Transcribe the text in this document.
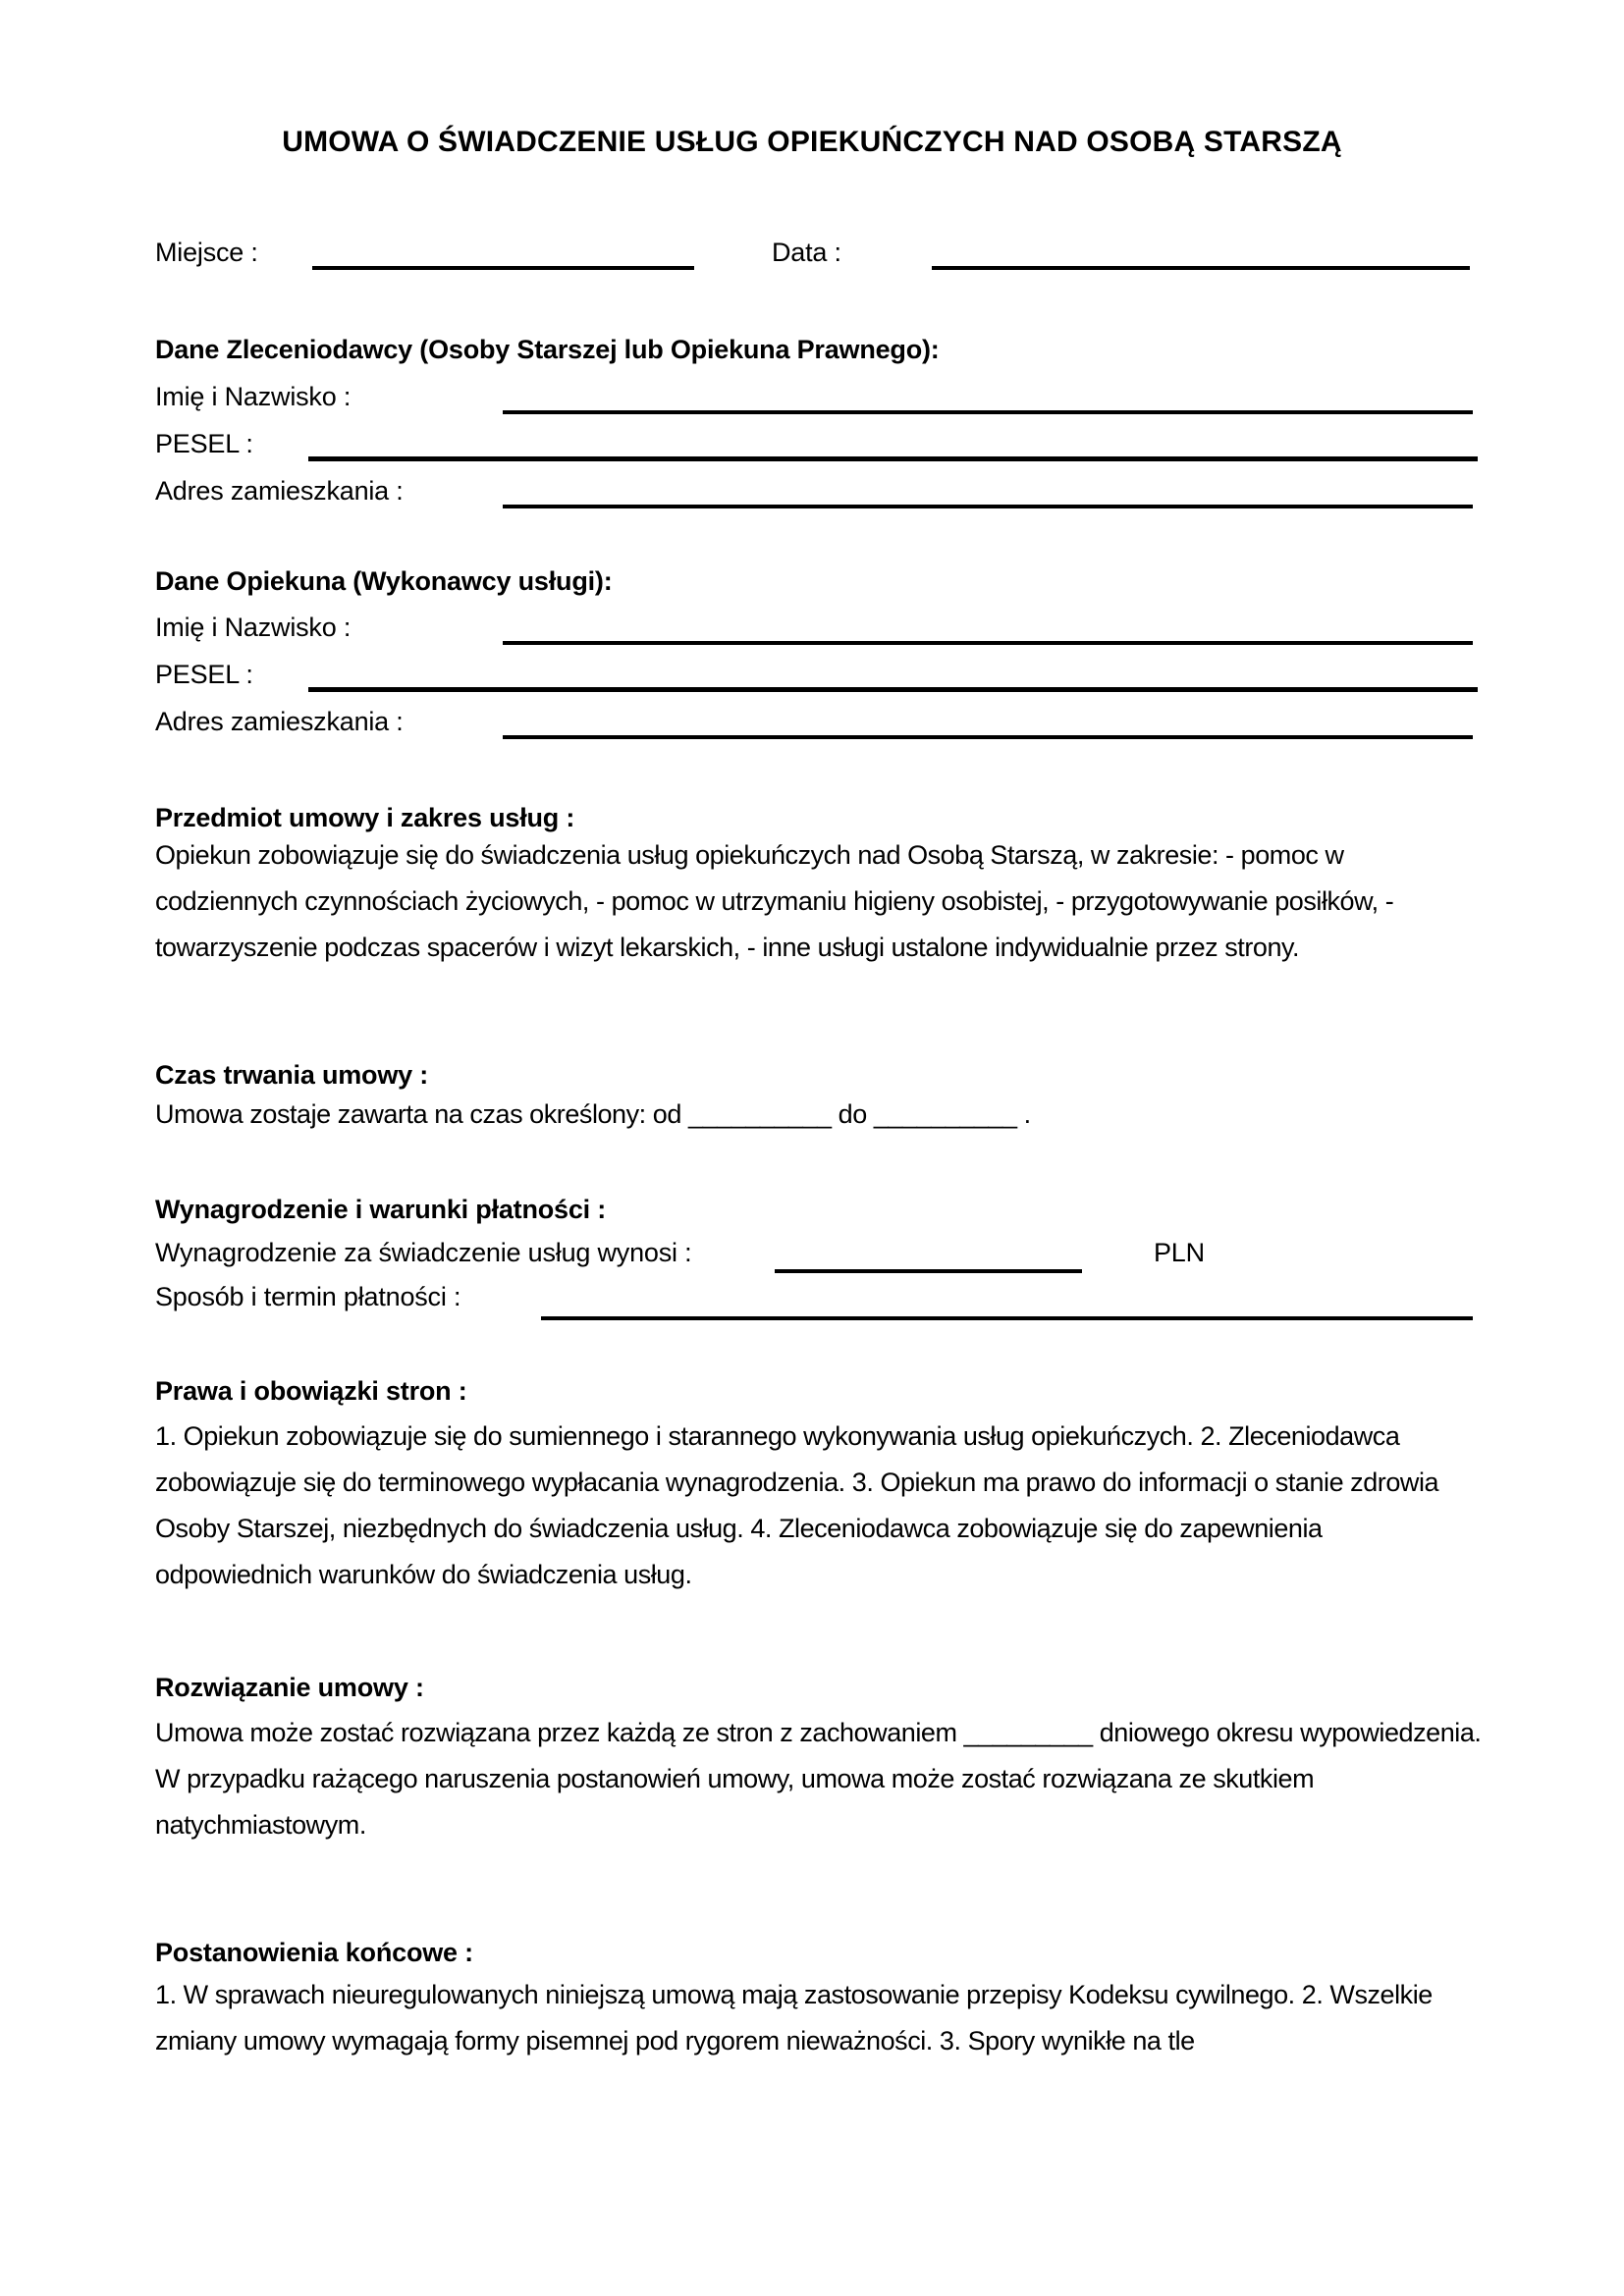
UMOWA O ŚWIADCZENIE USŁUG OPIEKUŃCZYCH NAD OSOBĄ STARSZĄ
Miejsce :	Data :
Dane Zleceniodawcy (Osoby Starszej lub Opiekuna Prawnego):
Imię i Nazwisko :
PESEL :
Adres zamieszkania :
Dane Opiekuna (Wykonawcy usługi):
Imię i Nazwisko :
PESEL :
Adres zamieszkania :
Przedmiot umowy i zakres usług :
Opiekun zobowiązuje się do świadczenia usług opiekuńczych nad Osobą Starszą, w zakresie: - pomoc w codziennych czynnościach życiowych, - pomoc w utrzymaniu higieny osobistej, - przygotowywanie posiłków, - towarzyszenie podczas spacerów i wizyt lekarskich, - inne usługi ustalone indywidualnie przez strony.
Czas trwania umowy :
Umowa zostaje zawarta na czas określony: od __________ do __________ .
Wynagrodzenie i warunki płatności :
Wynagrodzenie za świadczenie usług wynosi :	PLN
Sposób i termin płatności :
Prawa i obowiązki stron :
1. Opiekun zobowiązuje się do sumiennego i starannego wykonywania usług opiekuńczych. 2. Zleceniodawca zobowiązuje się do terminowego wypłacania wynagrodzenia. 3. Opiekun ma prawo do informacji o stanie zdrowia Osoby Starszej, niezbędnych do świadczenia usług. 4. Zleceniodawca zobowiązuje się do zapewnienia odpowiednich warunków do świadczenia usług.
Rozwiązanie umowy :
Umowa może zostać rozwiązana przez każdą ze stron z zachowaniem _________ dniowego okresu wypowiedzenia. W przypadku rażącego naruszenia postanowień umowy, umowa może zostać rozwiązana ze skutkiem natychmiastowym.
Postanowienia końcowe :
1. W sprawach nieuregulowanych niniejszą umową mają zastosowanie przepisy Kodeksu cywilnego. 2. Wszelkie zmiany umowy wymagają formy pisemnej pod rygorem nieważności. 3. Spory wynikłe na tle
